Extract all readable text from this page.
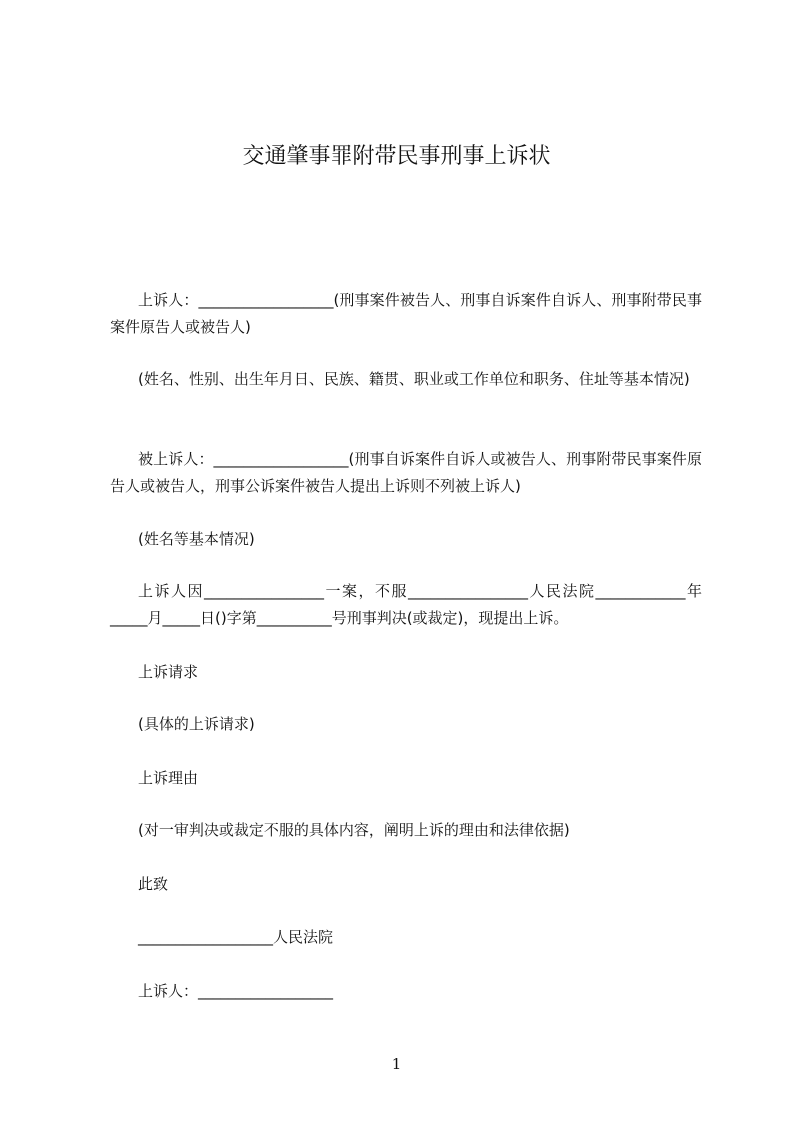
交通肇事罪附带民事刑事上诉状
上诉人：__________________(刑事案件被告人、刑事自诉案件自诉人、刑事附带民事案件原告人或被告人)
(姓名、性别、出生年月日、民族、籍贯、职业或工作单位和职务、住址等基本情况)
被上诉人：__________________(刑事自诉案件自诉人或被告人、刑事附带民事案件原告人或被告人，刑事公诉案件被告人提出上诉则不列被上诉人)
(姓名等基本情况)
上诉人因________________一案，不服________________人民法院____________年_____月_____日()字第__________号刑事判决(或裁定)，现提出上诉。
上诉请求
(具体的上诉请求)
上诉理由
(对一审判决或裁定不服的具体内容，阐明上诉的理由和法律依据)
此致
__________________人民法院
上诉人：__________________
1
